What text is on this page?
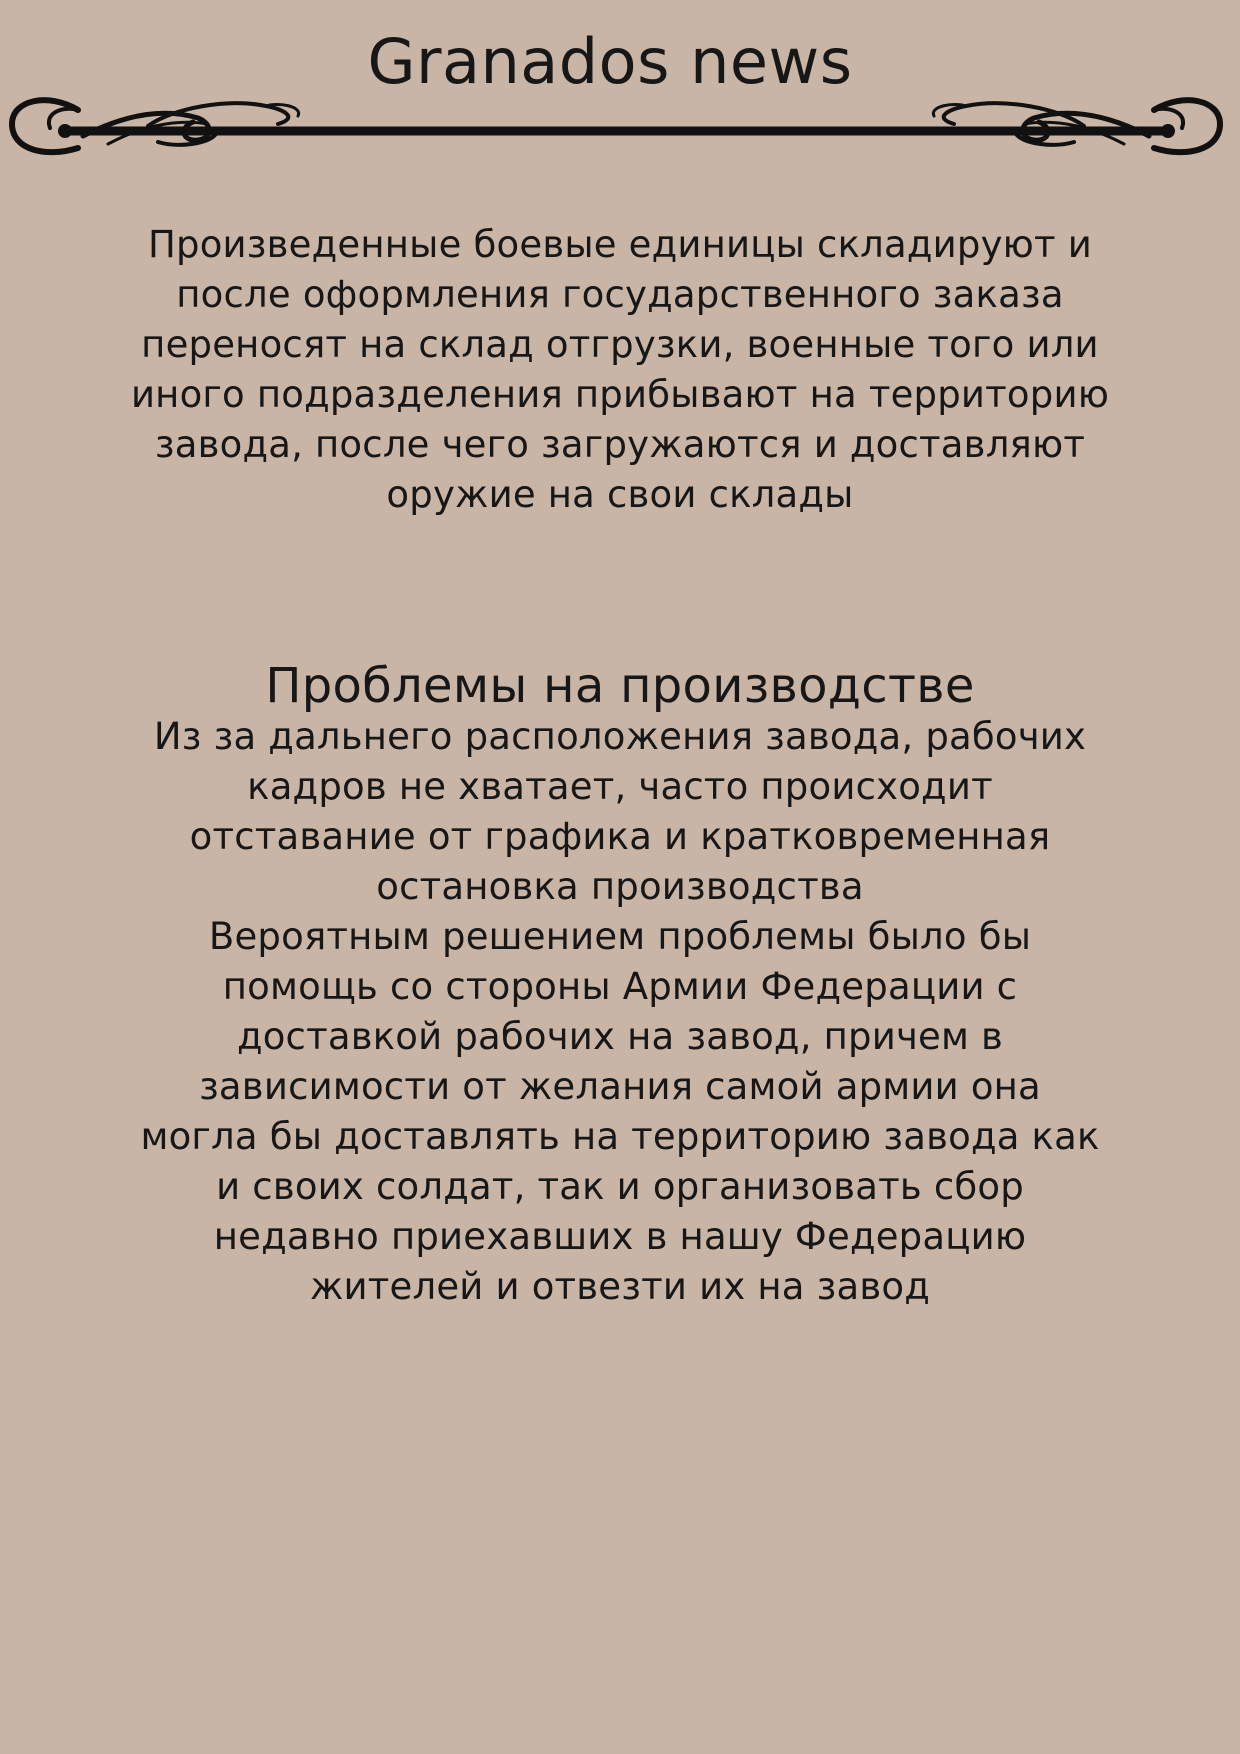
Granados news

Произведенные боевые единицы складируют и
после оформления государственного заказа
переносят на склад отгрузки, военные того или
иного подразделения прибывают на территорию
завода, после чего загружаются и доставляют
оружие на свои склады

Проблемы на производстве

Из за дальнего расположения завода, рабочих
кадров не хватает, часто происходит
отставание от графика и кратковременная
остановка производства
Вероятным решением проблемы было бы
помощь со стороны Армии Федерации с
доставкой рабочих на завод, причем в
зависимости от желания самой армии она
могла бы доставлять на территорию завода как
и своих солдат, так и организовать сбор
недавно приехавших в нашу Федерацию
жителей и отвезти их на завод
